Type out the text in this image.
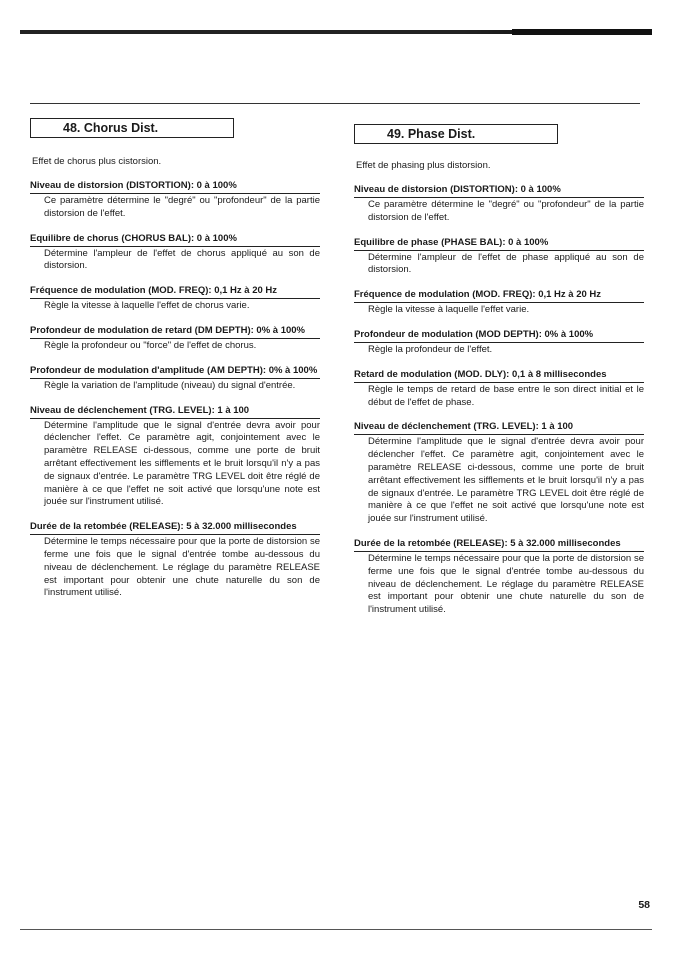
48. Chorus Dist.

Effet de chorus plus cistorsion.

Niveau de distorsion (DISTORTION): 0 à 100%

Ce paramètre détermine le "degré" ou "profondeur" de la partie distorsion de l'effet.

Equilibre de chorus (CHORUS BAL): 0 à 100%

Détermine l'ampleur de l'effet de chorus appliqué au son de distorsion.

Fréquence de modulation (MOD. FREQ): 0,1 Hz à 20 Hz

Règle la vitesse à laquelle l'effet de chorus varie.

Profondeur de modulation de retard (DM DEPTH): 0% à 100%

Règle la profondeur ou "force" de l'effet de chorus.

Profondeur de modulation d'amplitude (AM DEPTH): 0% à 100%

Règle la variation de l'amplitude (niveau) du signal d'entrée.

Niveau de déclenchement (TRG. LEVEL): 1 à 100

Détermine l'amplitude que le signal d'entrée devra avoir pour déclencher l'effet. Ce paramètre agit, conjointement avec le paramètre RELEASE ci-dessous, comme une porte de bruit arrêtant effectivement les sifflements et le bruit lorsqu'il n'y a pas de signaux d'entrée. Le paramètre TRG LEVEL doit être réglé de manière à ce que l'effet ne soit activé que lorsqu'une note est jouée sur l'instrument utilisé.

Durée de la retombée (RELEASE): 5 à 32.000 millisecondes

Détermine le temps nécessaire pour que la porte de distorsion se ferme une fois que le signal d'entrée tombe au-dessous du niveau de déclenchement. Le réglage du paramètre RELEASE est important pour obtenir une chute naturelle du son de l'instrument utilisé.

49. Phase Dist.

Effet de phasing plus distorsion.

Niveau de distorsion (DISTORTION): 0 à 100%

Ce paramètre détermine le "degré" ou "profondeur" de la partie distorsion de l'effet.

Equilibre de phase (PHASE BAL): 0 à 100%

Détermine l'ampleur de l'effet de phase appliqué au son de distorsion.

Fréquence de modulation (MOD. FREQ): 0,1 Hz à 20 Hz

Règle la vitesse à laquelle l'effet varie.

Profondeur de modulation (MOD DEPTH): 0% à 100%

Règle la profondeur de l'effet.

Retard de modulation (MOD. DLY): 0,1 à 8 millisecondes

Règle le temps de retard de base entre le son direct initial et le début de l'effet de phase.

Niveau de déclenchement (TRG. LEVEL): 1 à 100

Détermine l'amplitude que le signal d'entrée devra avoir pour déclencher l'effet. Ce paramètre agit, conjointement avec le paramètre RELEASE ci-dessous, comme une porte de bruit arrêtant effectivement les sifflements et le bruit lorsqu'il n'y a pas de signaux d'entrée. Le paramètre TRG LEVEL doit être réglé de manière à ce que l'effet ne soit activé que lorsqu'une note est jouée sur l'instrument utilisé.

Durée de la retombée (RELEASE): 5 à 32.000 millisecondes

Détermine le temps nécessaire pour que la porte de distorsion se ferme une fois que le signal d'entrée tombe au-dessous du niveau de déclenchement. Le réglage du paramètre RELEASE est important pour obtenir une chute naturelle du son de l'instrument utilisé.

58
